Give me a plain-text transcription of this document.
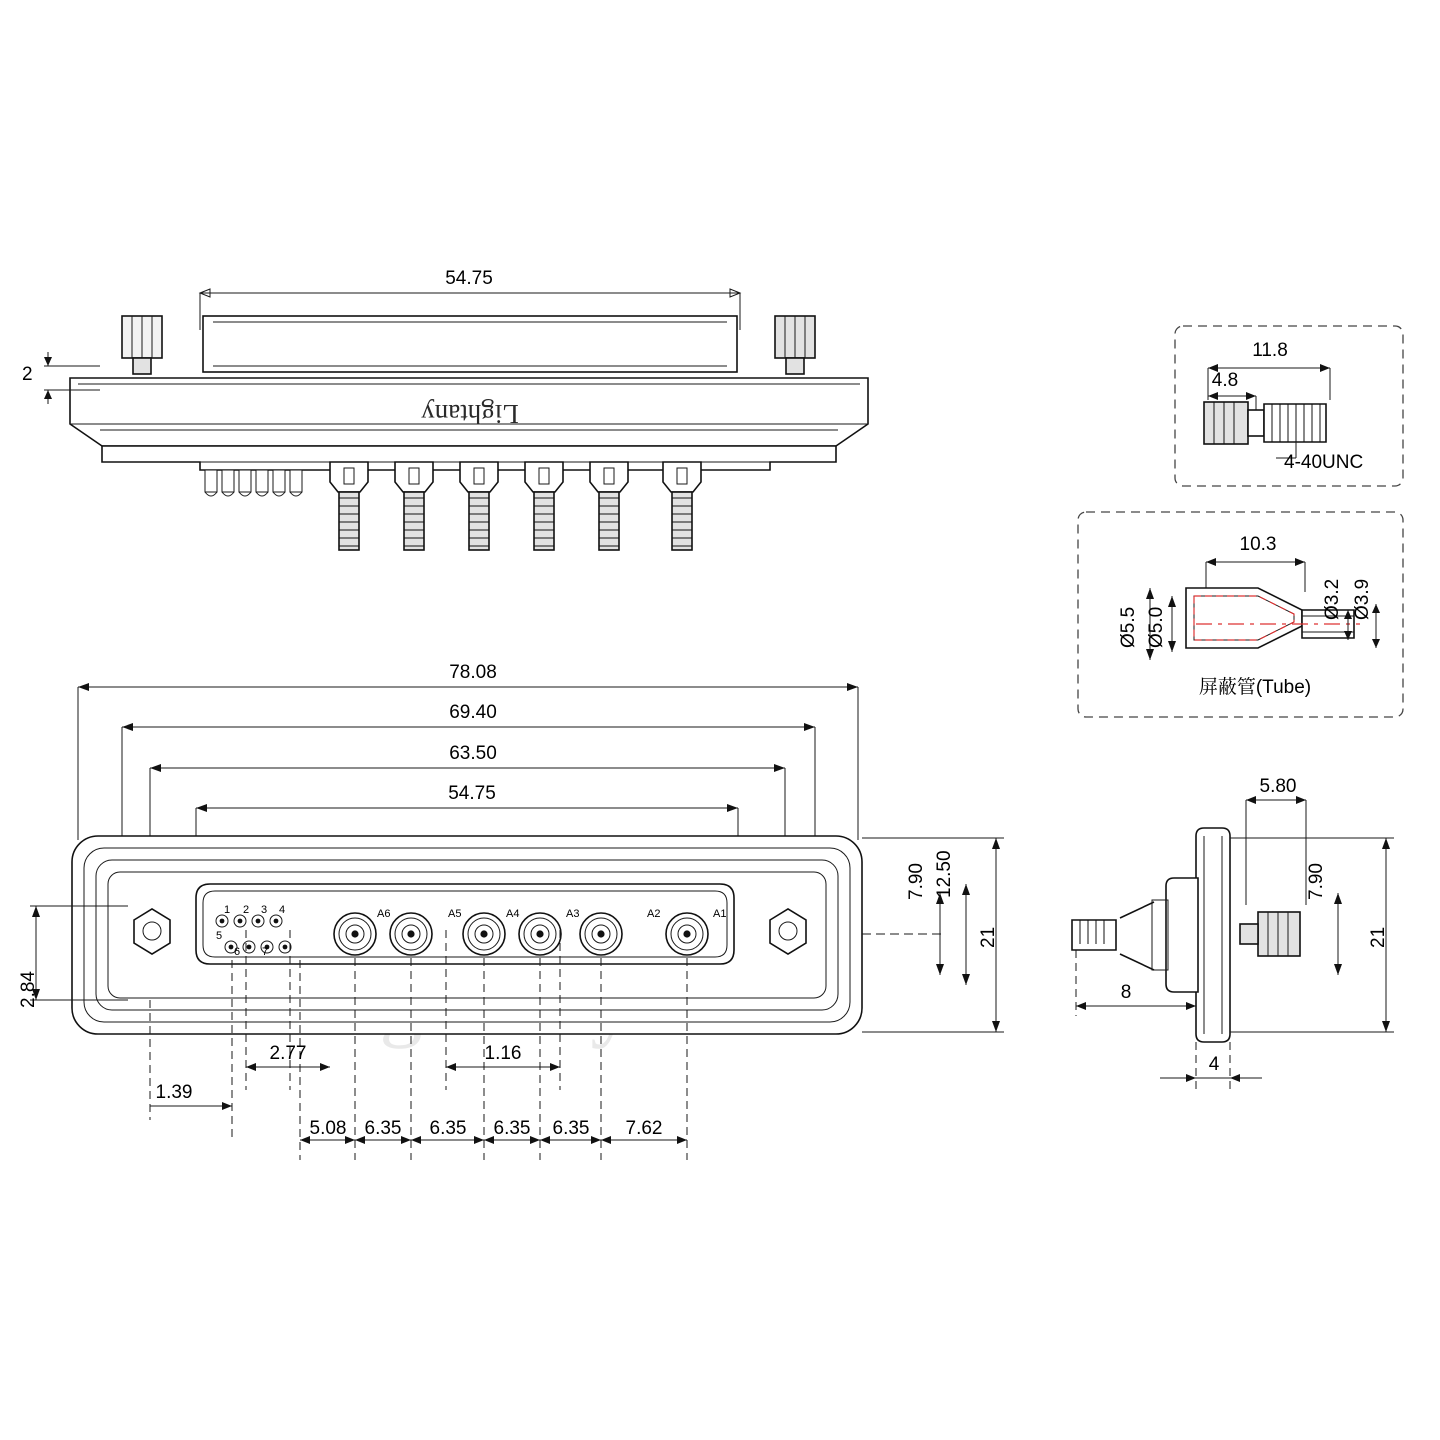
Lightany
54.75
2
78.08
69.40
63.50
54.75
7.90 12.50
21
2.84
1.39
2.77	1.16
5.08 6.35	6.35	6.35	6.35	7.62
A6	A5	A4	A3	A2	A1
1 2 3 4
5
6 7
5.80
7.90
21
8
4
11.8
4.8
4-40UNC
10.3
Ø5.5 Ø5.0
Ø3.2 Ø3.9
屏蔽管(Tube)
